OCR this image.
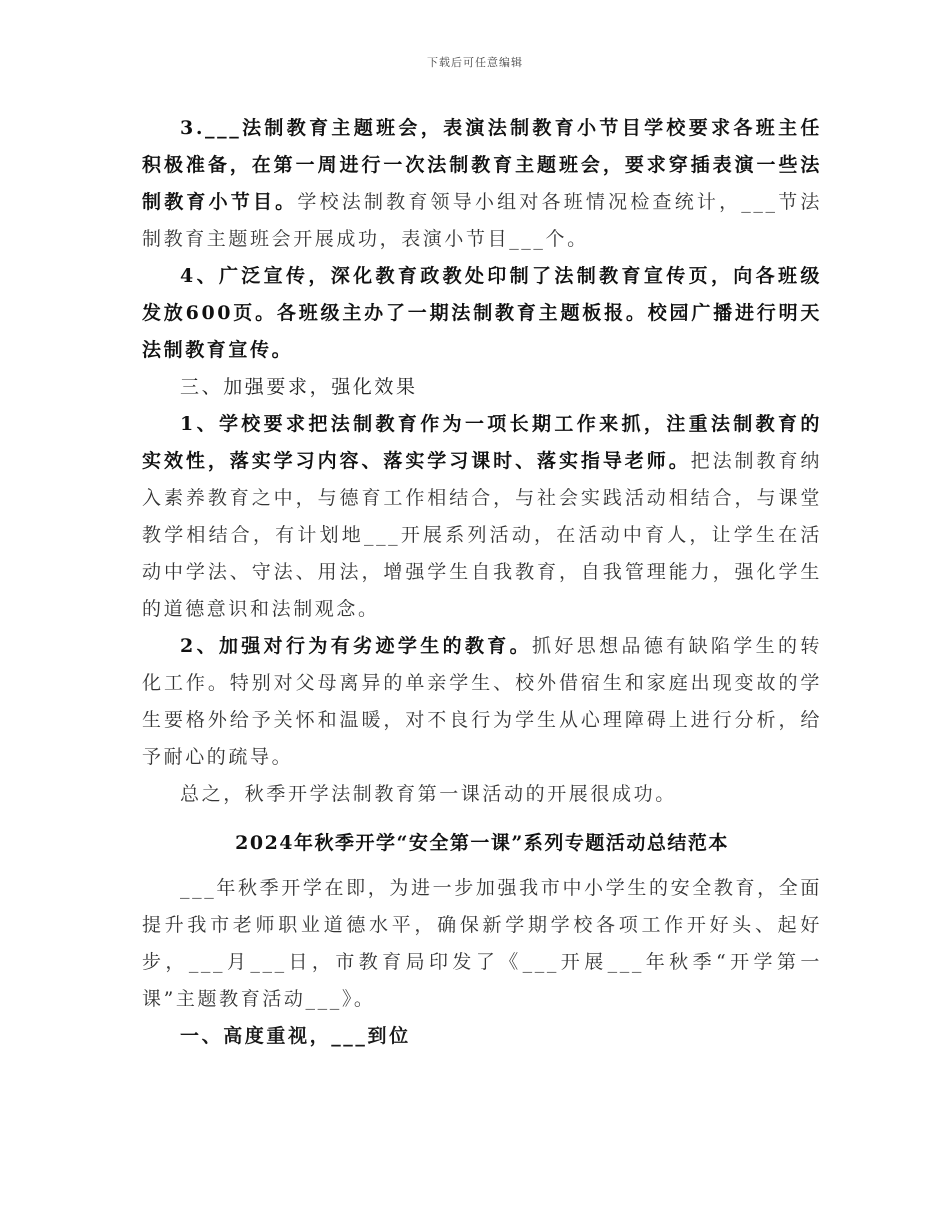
下载后可任意编辑

3.___法制教育主题班会，表演法制教育小节目学校要求各班主任积极准备，在第一周进行一次法制教育主题班会，要求穿插表演一些法制教育小节目。学校法制教育领导小组对各班情况检查统计，___节法制教育主题班会开展成功，表演小节目___个。

4、广泛宣传，深化教育政教处印制了法制教育宣传页，向各班级发放600页。各班级主办了一期法制教育主题板报。校园广播进行明天法制教育宣传。

三、加强要求，强化效果

1、学校要求把法制教育作为一项长期工作来抓，注重法制教育的实效性，落实学习内容、落实学习课时、落实指导老师。把法制教育纳入素养教育之中，与德育工作相结合，与社会实践活动相结合，与课堂教学相结合，有计划地___开展系列活动，在活动中育人，让学生在活动中学法、守法、用法，增强学生自我教育，自我管理能力，强化学生的道德意识和法制观念。

2、加强对行为有劣迹学生的教育。抓好思想品德有缺陷学生的转化工作。特别对父母离异的单亲学生、校外借宿生和家庭出现变故的学生要格外给予关怀和温暖，对不良行为学生从心理障碍上进行分析，给予耐心的疏导。

总之，秋季开学法制教育第一课活动的开展很成功。

2024年秋季开学“安全第一课”系列专题活动总结范本

___年秋季开学在即，为进一步加强我市中小学生的安全教育，全面提升我市老师职业道德水平，确保新学期学校各项工作开好头、起好步，___月___日，市教育局印发了《___开展___年秋季“开学第一课”主题教育活动___》。

一、高度重视，___到位
